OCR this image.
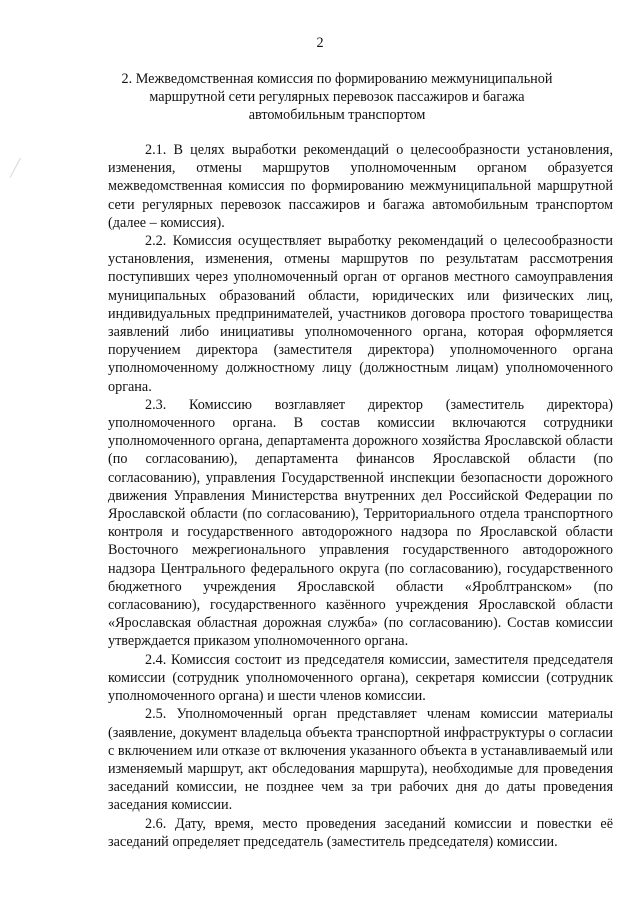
2
2. Межведомственная комиссия по формированию межмуниципальной маршрутной сети регулярных перевозок пассажиров и багажа автомобильным транспортом

2.1. В целях выработки рекомендаций о целесообразности установления, изменения, отмены маршрутов уполномоченным органом образуется межведомственная комиссия по формированию межмуниципальной маршрутной сети регулярных перевозок пассажиров и багажа автомобильным транспортом (далее – комиссия).

2.2. Комиссия осуществляет выработку рекомендаций о целесообразности установления, изменения, отмены маршрутов по результатам рассмотрения поступивших через уполномоченный орган от органов местного самоуправления муниципальных образований области, юридических или физических лиц, индивидуальных предпринимателей, участников договора простого товарищества заявлений либо инициативы уполномоченного органа, которая оформляется поручением директора (заместителя директора) уполномоченного органа уполномоченному должностному лицу (должностным лицам) уполномоченного органа.

2.3. Комиссию возглавляет директор (заместитель директора) уполномоченного органа. В состав комиссии включаются сотрудники уполномоченного органа, департамента дорожного хозяйства Ярославской области (по согласованию), департамента финансов Ярославской области (по согласованию), управления Государственной инспекции безопасности дорожного движения Управления Министерства внутренних дел Российской Федерации по Ярославской области (по согласованию), Территориального отдела транспортного контроля и государственного автодорожного надзора по Ярославской области Восточного межрегионального управления государственного автодорожного надзора Центрального федерального округа (по согласованию), государственного бюджетного учреждения Ярославской области «Яроблтранском» (по согласованию), государственного казённого учреждения Ярославской области «Ярославская областная дорожная служба» (по согласованию). Состав комиссии утверждается приказом уполномоченного органа.

2.4. Комиссия состоит из председателя комиссии, заместителя председателя комиссии (сотрудник уполномоченного органа), секретаря комиссии (сотрудник уполномоченного органа) и шести членов комиссии.

2.5. Уполномоченный орган представляет членам комиссии материалы (заявление, документ владельца объекта транспортной инфраструктуры о согласии с включением или отказе от включения указанного объекта в устанавливаемый или изменяемый маршрут, акт обследования маршрута), необходимые для проведения заседаний комиссии, не позднее чем за три рабочих дня до даты проведения заседания комиссии.

2.6. Дату, время, место проведения заседаний комиссии и повестки её заседаний определяет председатель (заместитель председателя) комиссии.
